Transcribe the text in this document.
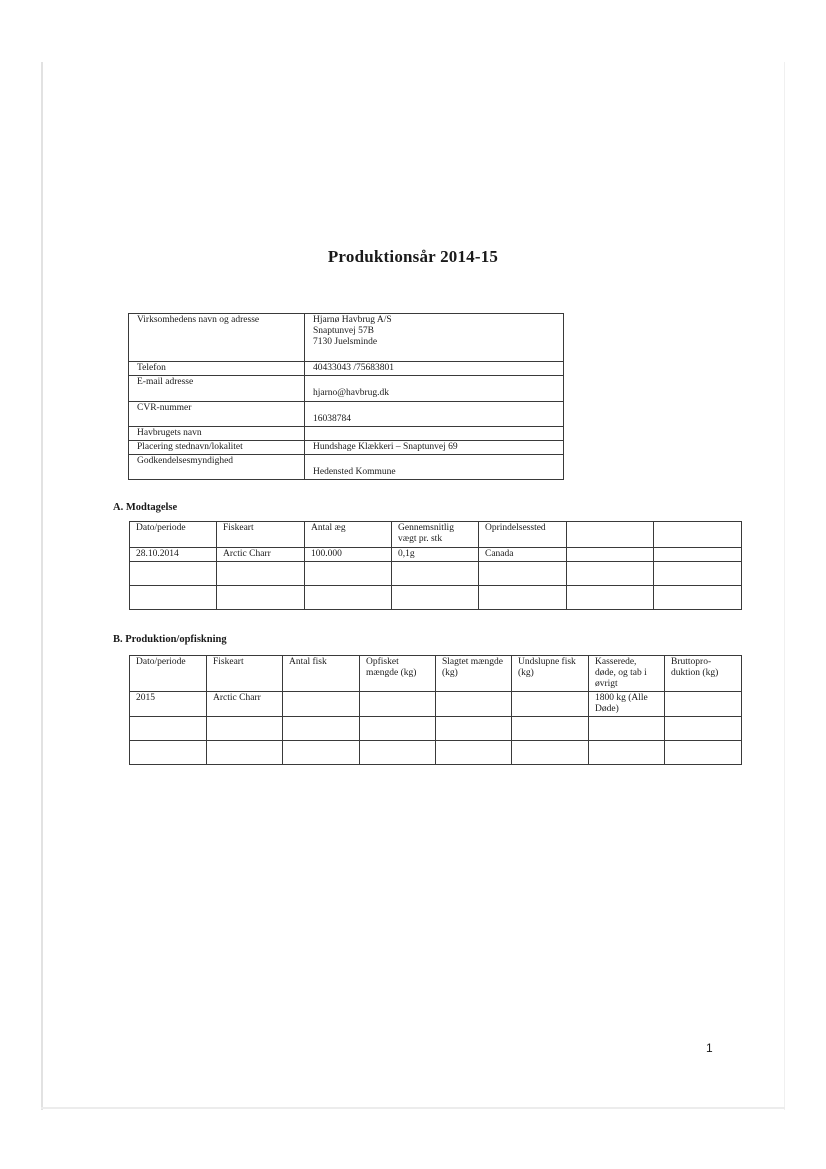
Produktionsår 2014-15
Virksomhedens navn og adresse	Hjarnø Havbrug A/S
Snaptunvej 57B
7130 Juelsminde

Telefon	40433043 /75683801

E-mail adresse	hjarno@havbrug.dk

CVR-nummer	16038784

Havbrugets navn	

Placering stednavn/lokalitet	Hundshage Klækkeri – Snaptunvej 69

Godkendelsesmyndighed	Hedensted Kommune
A. Modtagelse
Dato/periode	Fiskeart	Antal æg	Gennemsnitlig vægt pr. stk	Oprindelsessted		
28.10.2014	Arctic Charr	100.000	0,1g	Canada		

B. Produktion/opfiskning
Dato/periode	Fiskeart	Antal fisk	Opfisket mængde (kg)	Slagtet mængde (kg)	Undslupne fisk (kg)	Kasserede, døde, og tab i øvrigt	Bruttopro-duktion (kg)
2015	Arctic Charr					1800 kg (Alle Døde)	

1
